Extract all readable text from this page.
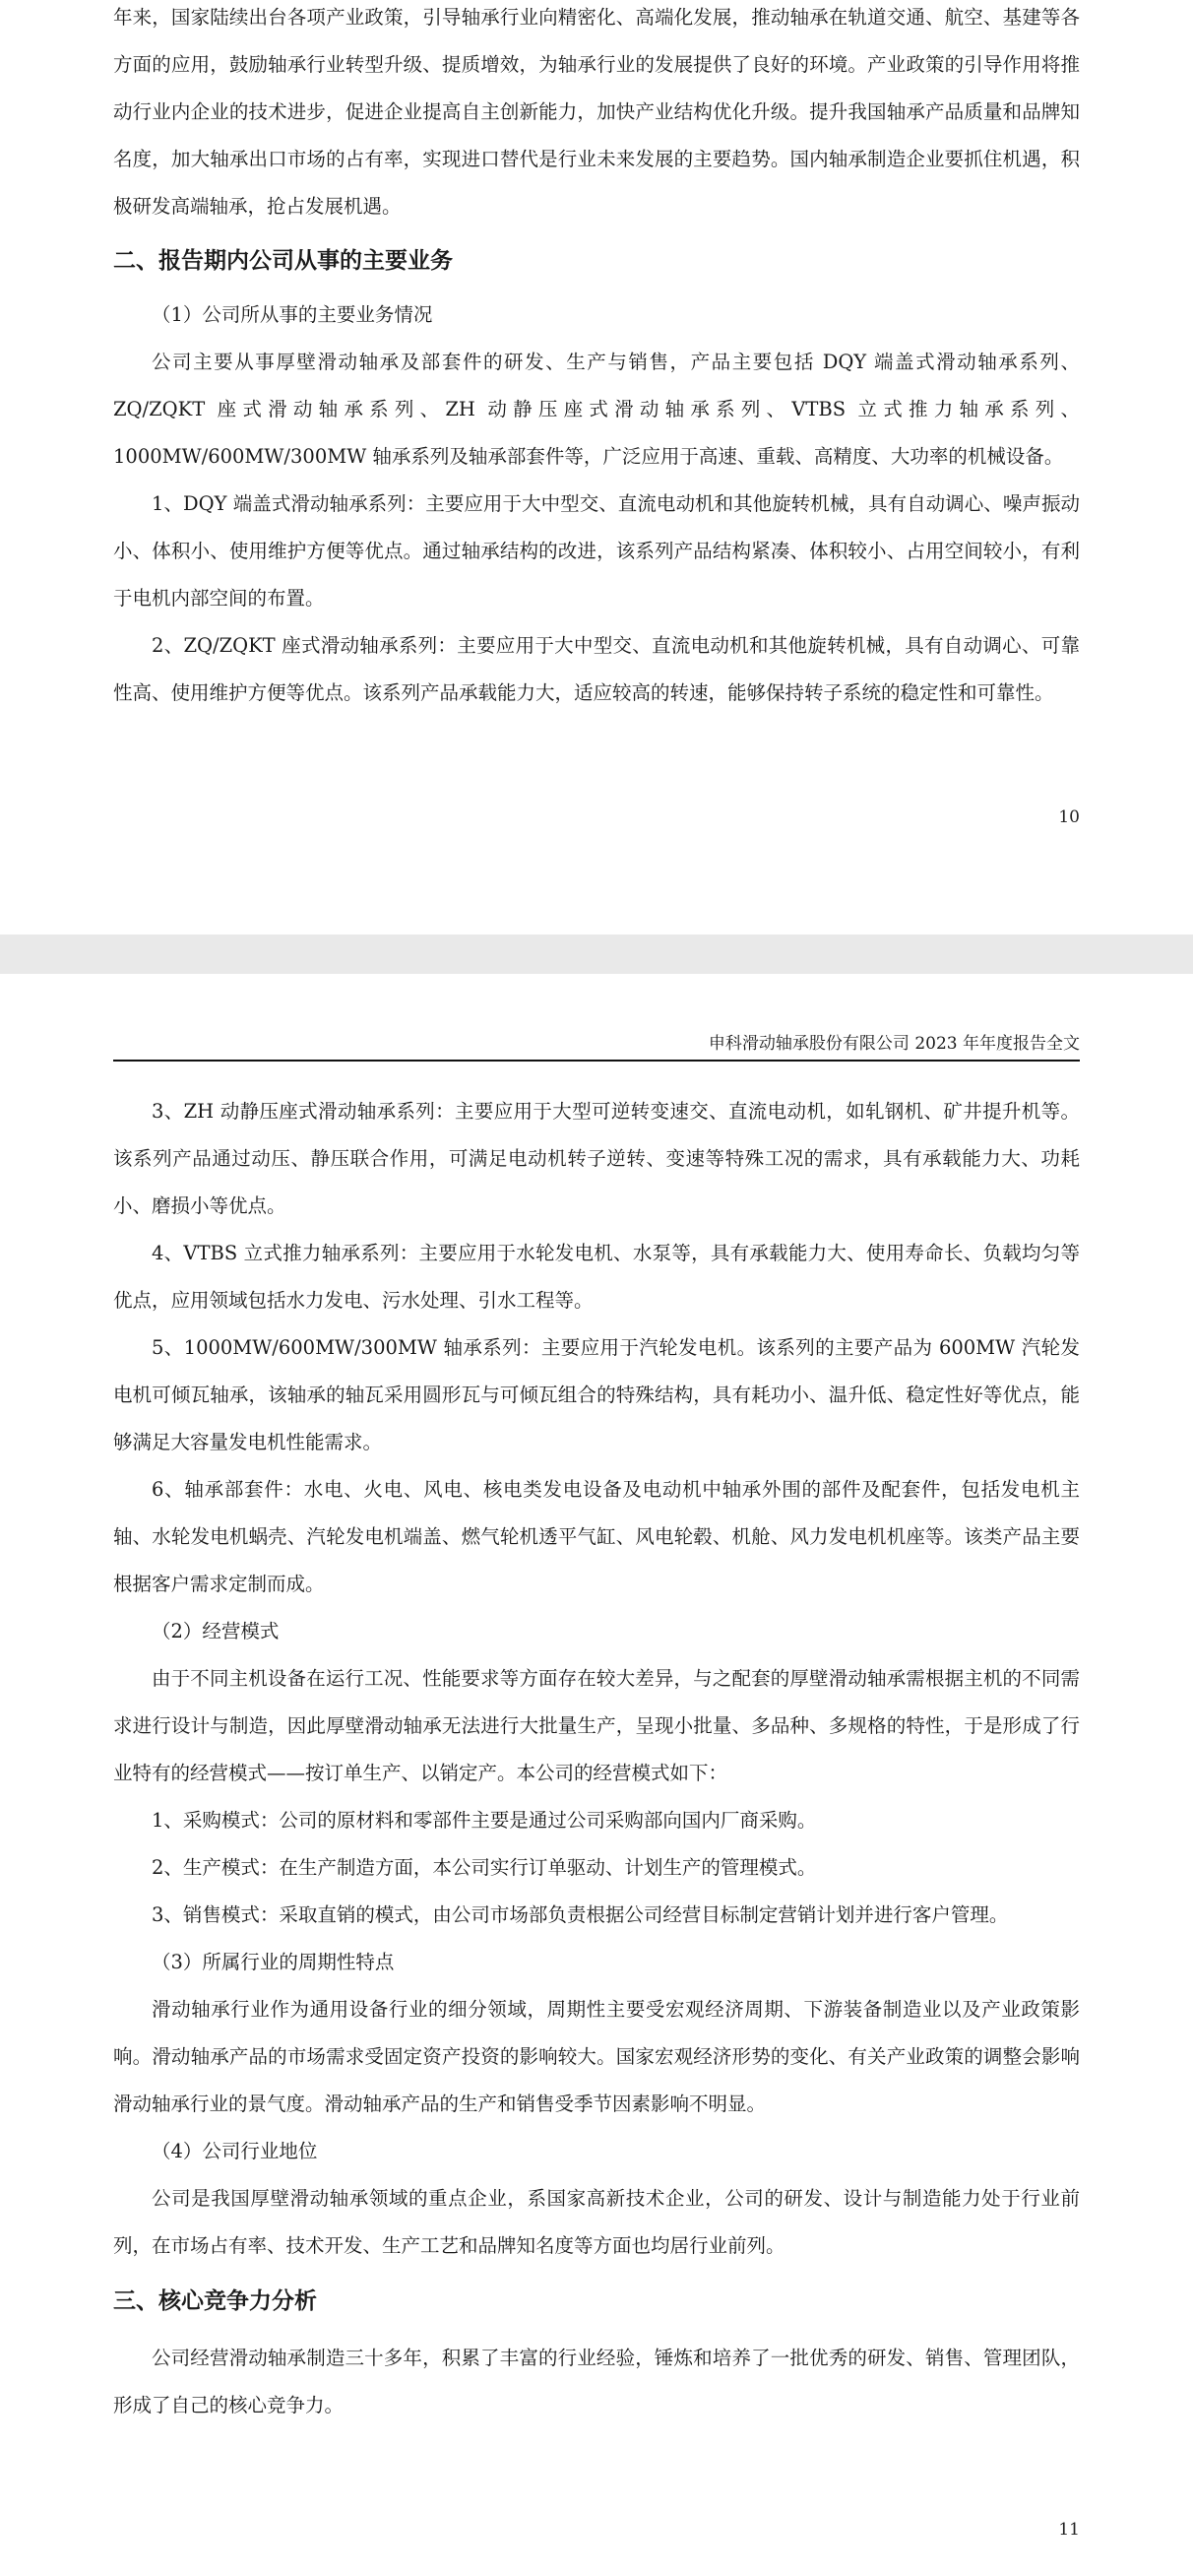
年来，国家陆续出台各项产业政策，引导轴承行业向精密化、高端化发展，推动轴承在轨道交通、航空、基建等各方面的应用，鼓励轴承行业转型升级、提质增效，为轴承行业的发展提供了良好的环境。产业政策的引导作用将推动行业内企业的技术进步，促进企业提高自主创新能力，加快产业结构优化升级。提升我国轴承产品质量和品牌知名度，加大轴承出口市场的占有率，实现进口替代是行业未来发展的主要趋势。国内轴承制造企业要抓住机遇，积极研发高端轴承，抢占发展机遇。

二、报告期内公司从事的主要业务

（1）公司所从事的主要业务情况

公司主要从事厚壁滑动轴承及部套件的研发、生产与销售，产品主要包括 DQY 端盖式滑动轴承系列、ZQ/ZQKT 座式滑动轴承系列、ZH 动静压座式滑动轴承系列、VTBS 立式推力轴承系列、1000MW/600MW/300MW 轴承系列及轴承部套件等，广泛应用于高速、重载、高精度、大功率的机械设备。

1、DQY 端盖式滑动轴承系列：主要应用于大中型交、直流电动机和其他旋转机械，具有自动调心、噪声振动小、体积小、使用维护方便等优点。通过轴承结构的改进，该系列产品结构紧凑、体积较小、占用空间较小，有利于电机内部空间的布置。

2、ZQ/ZQKT 座式滑动轴承系列：主要应用于大中型交、直流电动机和其他旋转机械，具有自动调心、可靠性高、使用维护方便等优点。该系列产品承载能力大，适应较高的转速，能够保持转子系统的稳定性和可靠性。

10

3、ZH 动静压座式滑动轴承系列：主要应用于大型可逆转变速交、直流电动机，如轧钢机、矿井提升机等。该系列产品通过动压、静压联合作用，可满足电动机转子逆转、变速等特殊工况的需求，具有承载能力大、功耗小、磨损小等优点。

4、VTBS 立式推力轴承系列：主要应用于水轮发电机、水泵等，具有承载能力大、使用寿命长、负载均匀等优点，应用领域包括水力发电、污水处理、引水工程等。

5、1000MW/600MW/300MW 轴承系列：主要应用于汽轮发电机。该系列的主要产品为 600MW 汽轮发电机可倾瓦轴承，该轴承的轴瓦采用圆形瓦与可倾瓦组合的特殊结构，具有耗功小、温升低、稳定性好等优点，能够满足大容量发电机性能需求。

6、轴承部套件：水电、火电、风电、核电类发电设备及电动机中轴承外围的部件及配套件，包括发电机主轴、水轮发电机蜗壳、汽轮发电机端盖、燃气轮机透平气缸、风电轮毂、机舱、风力发电机机座等。该类产品主要根据客户需求定制而成。

（2）经营模式

由于不同主机设备在运行工况、性能要求等方面存在较大差异，与之配套的厚壁滑动轴承需根据主机的不同需求进行设计与制造，因此厚壁滑动轴承无法进行大批量生产，呈现小批量、多品种、多规格的特性，于是形成了行业特有的经营模式——按订单生产、以销定产。本公司的经营模式如下：

1、采购模式：公司的原材料和零部件主要是通过公司采购部向国内厂商采购。

2、生产模式：在生产制造方面，本公司实行订单驱动、计划生产的管理模式。

3、销售模式：采取直销的模式，由公司市场部负责根据公司经营目标制定营销计划并进行客户管理。

（3）所属行业的周期性特点

滑动轴承行业作为通用设备行业的细分领域，周期性主要受宏观经济周期、下游装备制造业以及产业政策影响。滑动轴承产品的市场需求受固定资产投资的影响较大。国家宏观经济形势的变化、有关产业政策的调整会影响滑动轴承行业的景气度。滑动轴承产品的生产和销售受季节因素影响不明显。

（4）公司行业地位

公司是我国厚壁滑动轴承领域的重点企业，系国家高新技术企业，公司的研发、设计与制造能力处于行业前列，在市场占有率、技术开发、生产工艺和品牌知名度等方面也均居行业前列。

三、核心竞争力分析

公司经营滑动轴承制造三十多年，积累了丰富的行业经验，锤炼和培养了一批优秀的研发、销售、管理团队，形成了自己的核心竞争力。

11
申科滑动轴承股份有限公司 2023 年年度报告全文
